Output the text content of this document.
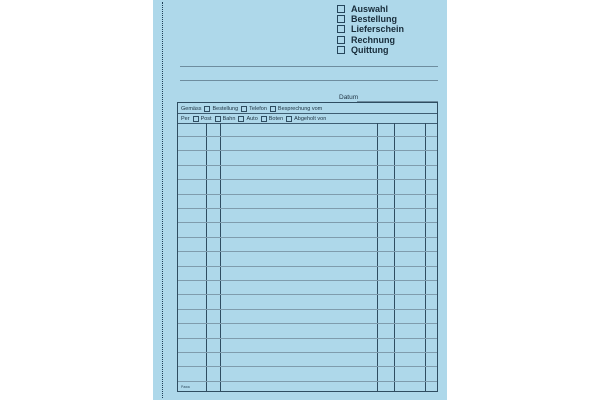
Auswahl
Bestellung
Lieferschein
Rechnung
Quittung
Datum
Gemäss Bestellung Telefon Besprechung vom
Per Post Bahn Auto Boten Abgeholt von
Pawa
